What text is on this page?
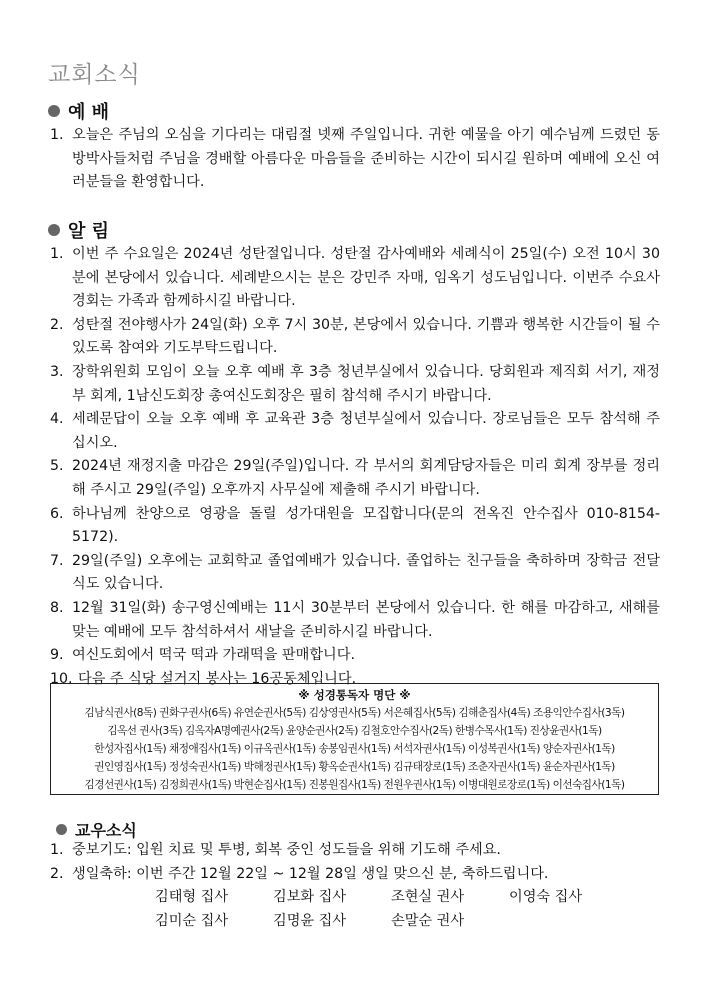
교회소식
예 배
1. 오늘은 주님의 오심을 기다리는 대림절 넷째 주일입니다. 귀한 예물을 아기 예수님께 드렸던 동방박사들처럼 주님을 경배할 아름다운 마음들을 준비하는 시간이 되시길 원하며 예배에 오신 여러분들을 환영합니다.
알 림
1. 이번 주 수요일은 2024년 성탄절입니다. 성탄절 감사예배와 세례식이 25일(수) 오전 10시 30분에 본당에서 있습니다. 세례받으시는 분은 강민주 자매, 임옥기 성도님입니다. 이번주 수요사경회는 가족과 함께하시길 바랍니다.
2. 성탄절 전야행사가 24일(화) 오후 7시 30분, 본당에서 있습니다. 기쁨과 행복한 시간들이 될 수 있도록 참여와 기도부탁드립니다.
3. 장학위원회 모임이 오늘 오후 예배 후 3층 청년부실에서 있습니다. 당회원과 제직회 서기, 재정부 회계, 1남신도회장 총여신도회장은 필히 참석해 주시기 바랍니다.
4. 세례문답이 오늘 오후 예배 후 교육관 3층 청년부실에서 있습니다. 장로님들은 모두 참석해 주십시오.
5. 2024년 재정지출 마감은 29일(주일)입니다. 각 부서의 회계담당자들은 미리 회계 장부를 정리해 주시고 29일(주일) 오후까지 사무실에 제출해 주시기 바랍니다.
6. 하나님께 찬양으로 영광을 돌릴 성가대원을 모집합니다(문의 전옥진 안수집사 010-8154-5172).
7. 29일(주일) 오후에는 교회학교 졸업예배가 있습니다. 졸업하는 친구들을 축하하며 장학금 전달식도 있습니다.
8. 12월 31일(화) 송구영신예배는 11시 30분부터 본당에서 있습니다. 한 해를 마감하고, 새해를 맞는 예배에 모두 참석하셔서 새날을 준비하시길 바랍니다.
9. 여신도회에서 떡국 떡과 가래떡을 판매합니다.
10. 다음 주 식당 설거지 봉사는 16공동체입니다.
※ 성경통독자 명단 ※
김남식권사(8독) 권화구권사(6독) 유연순권사(5독) 김상영권사(5독) 서은혜집사(5독) 김해춘집사(4독) 조용익안수집사(3독)
김옥선 권사(3독) 김옥자A명예권사(2독) 윤양순권사(2독) 김철호안수집사(2독) 한병수목사(1독) 진상윤권사(1독)
한성자집사(1독) 채정애집사(1독) 이규옥권사(1독) 송봉임권사(1독) 서석자권사(1독) 이성복권사(1독) 양순자권사(1독)
권인영집사(1독) 정성숙권사(1독) 박해정권사(1독) 황옥순권사(1독) 김규태장로(1독) 조춘자권사(1독) 윤순자권사(1독)
김경선권사(1독) 김정희권사(1독) 박현순집사(1독) 진봉원집사(1독) 전원우권사(1독) 이병대원로장로(1독) 이선숙집사(1독)
교우소식
1. 중보기도: 입원 치료 및 투병, 회복 중인 성도들을 위해 기도해 주세요.
2. 생일축하: 이번 주간 12월 22일 ~ 12월 28일 생일 맞으신 분, 축하드립니다.
김태형 집사	김보화 집사	조현실 권사	이영숙 집사
김미순 집사	김명윤 집사	손말순 권사
